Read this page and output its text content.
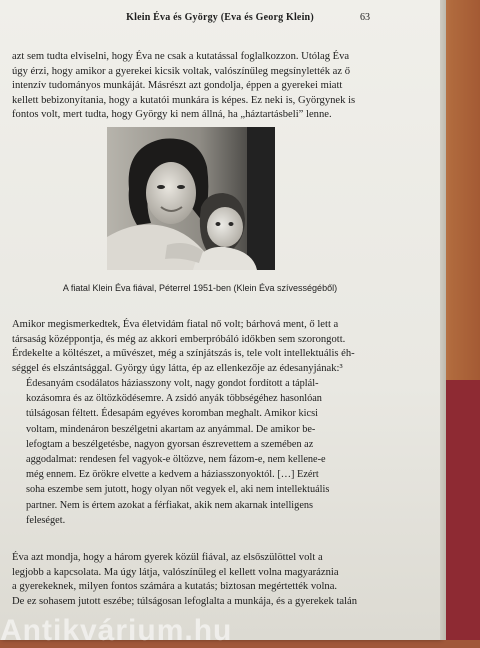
Klein Éva és György (Eva és Georg Klein)	63
azt sem tudta elviselni, hogy Éva ne csak a kutatással foglalkozzon. Utólag Éva
úgy érzi, hogy amikor a gyerekei kicsik voltak, valószínűleg megsínylették az ő
intenzív tudományos munkáját. Másrészt azt gondolja, éppen a gyerekei miatt
kellett bebizonyítania, hogy a kutatói munkára is képes. Ez neki is, Györgynek is
fontos volt, mert tudta, hogy György ki nem állná, ha „háztartásbeli” lenne.
A fiatal Klein Éva fiával, Péterrel 1951-ben (Klein Éva szívességéből)
Amikor megismerkedtek, Éva életvidám fiatal nő volt; bárhová ment, ő lett a
társaság középpontja, és még az akkori emberpróbáló időkben sem szorongott.
Érdekelte a költészet, a művészet, még a színjátszás is, tele volt intellektuális éh-
séggel és elszántsággal. György úgy látta, ép az ellenkezője az édesanyjának:³
Édesanyám csodálatos háziasszony volt, nagy gondot fordított a táplál-
kozásomra és az öltözködésemre. A zsidó anyák többségéhez hasonlóan
túlságosan féltett. Édesapám egyéves koromban meghalt. Amikor kicsi
voltam, mindenáron beszélgetni akartam az anyámmal. De amikor be-
lefogtam a beszélgetésbe, nagyon gyorsan észrevettem a szemében az
aggodalmat: rendesen fel vagyok-e öltözve, nem fázom-e, nem kellene-e
még ennem. Ez örökre elvette a kedvem a háziasszonyoktól. […] Ezért
soha eszembe sem jutott, hogy olyan nőt vegyek el, aki nem intellektuális
partner. Nem is értem azokat a férfiakat, akik nem akarnak intelligens
feleséget.
Éva azt mondja, hogy a három gyerek közül fiával, az elsőszülöttel volt a
legjobb a kapcsolata. Ma úgy látja, valószínűleg el kellett volna magyaráznia
a gyerekeknek, milyen fontos számára a kutatás; biztosan megértették volna.
De ez sohasem jutott eszébe; túlságosan lefoglalta a munkája, és a gyerekek talán
Antikvárium.hu
